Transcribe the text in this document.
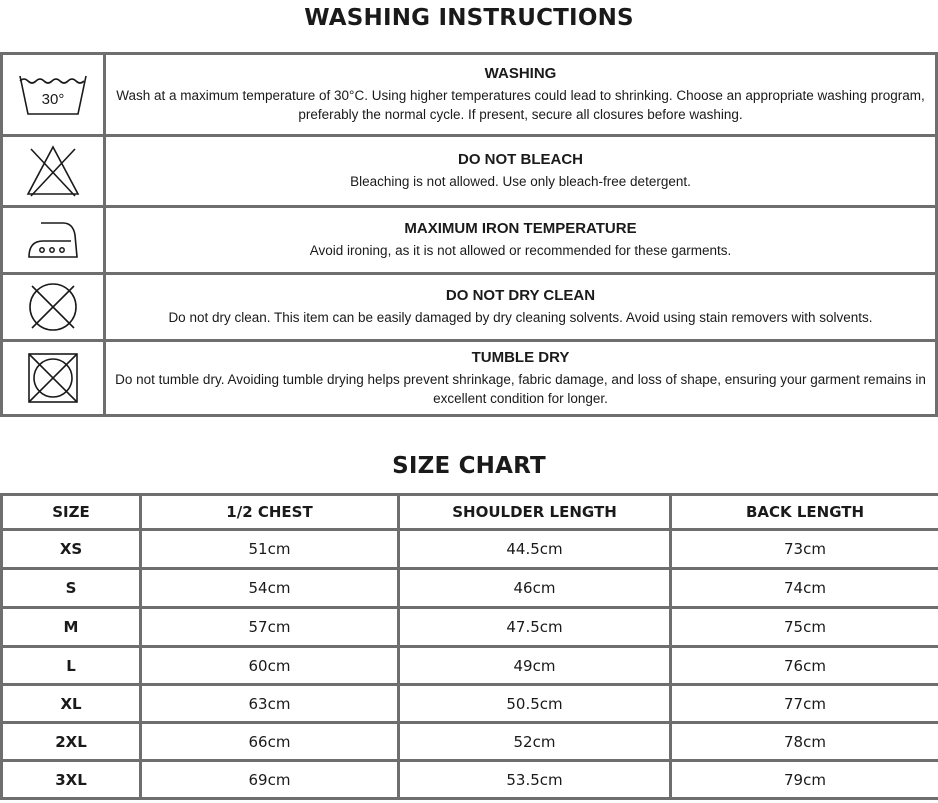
WASHING INSTRUCTIONS
30°	WASHING
Wash at a maximum temperature of 30°C. Using higher temperatures could lead to shrinking. Choose an appropriate washing program, preferably the normal cycle. If present, secure all closures before washing.

DO NOT BLEACH
Bleaching is not allowed. Use only bleach-free detergent.

MAXIMUM IRON TEMPERATURE
Avoid ironing, as it is not allowed or recommended for these garments.

DO NOT DRY CLEAN
Do not dry clean. This item can be easily damaged by dry cleaning solvents. Avoid using stain removers with solvents.

TUMBLE DRY
Do not tumble dry. Avoiding tumble drying helps prevent shrinkage, fabric damage, and loss of shape, ensuring your garment remains in excellent condition for longer.
SIZE CHART
SIZE	1/2 CHEST	SHOULDER LENGTH	BACK LENGTH
XS	51cm	44.5cm	73cm
S	54cm	46cm	74cm
M	57cm	47.5cm	75cm
L	60cm	49cm	76cm
XL	63cm	50.5cm	77cm
2XL	66cm	52cm	78cm
3XL	69cm	53.5cm	79cm
